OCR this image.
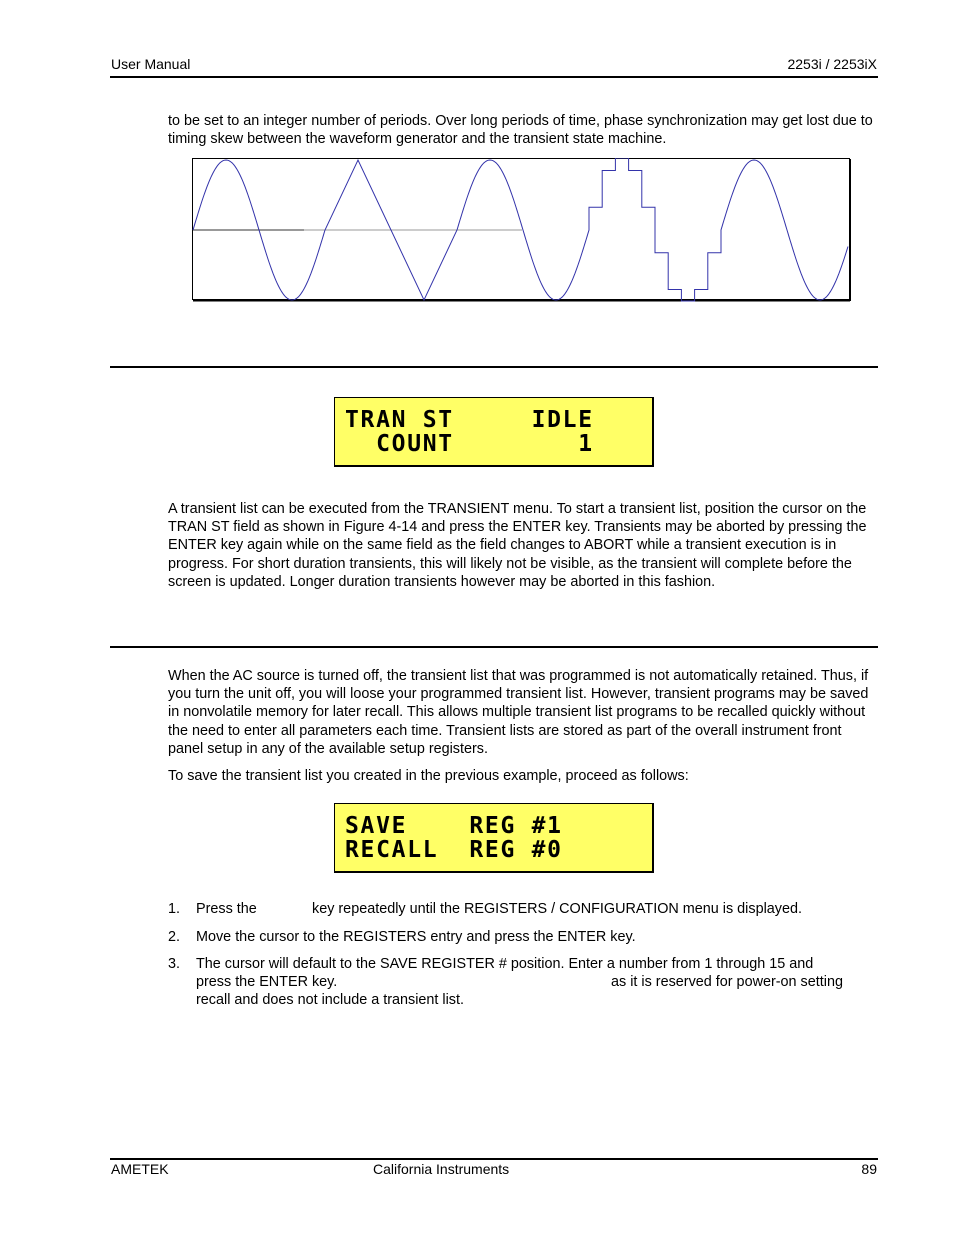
User Manual	2253i / 2253iX

to be set to an integer number of periods. Over long periods of time, phase synchronization may get lost due to timing skew between the waveform generator and the transient state machine.

TRAN ST     IDLE
COUNT        1

A transient list can be executed from the TRANSIENT menu. To start a transient list, position the cursor on the TRAN ST field as shown in Figure 4-14 and press the ENTER key. Transients may be aborted by pressing the ENTER key again while on the same field as the field changes to ABORT while a transient execution is in progress. For short duration transients, this will likely not be visible, as the transient will complete before the screen is updated. Longer duration transients however may be aborted in this fashion.

When the AC source is turned off, the transient list that was programmed is not automatically retained. Thus, if you turn the unit off, you will loose your programmed transient list. However, transient programs may be saved in nonvolatile memory for later recall. This allows multiple transient list programs to be recalled quickly without the need to enter all parameters each time. Transient lists are stored as part of the overall instrument front panel setup in any of the available setup registers.

To save the transient list you created in the previous example, proceed as follows:

SAVE    REG #1
RECALL  REG #0
1. Press the	key repeatedly until the REGISTERS / CONFIGURATION menu is displayed.
2. Move the cursor to the REGISTERS entry and press the ENTER key.
3. The cursor will default to the SAVE REGISTER # position. Enter a number from 1 through 15 and
press the ENTER key.	as it is reserved for power-on setting
recall and does not include a transient list.
AMETEK	California Instruments	89
